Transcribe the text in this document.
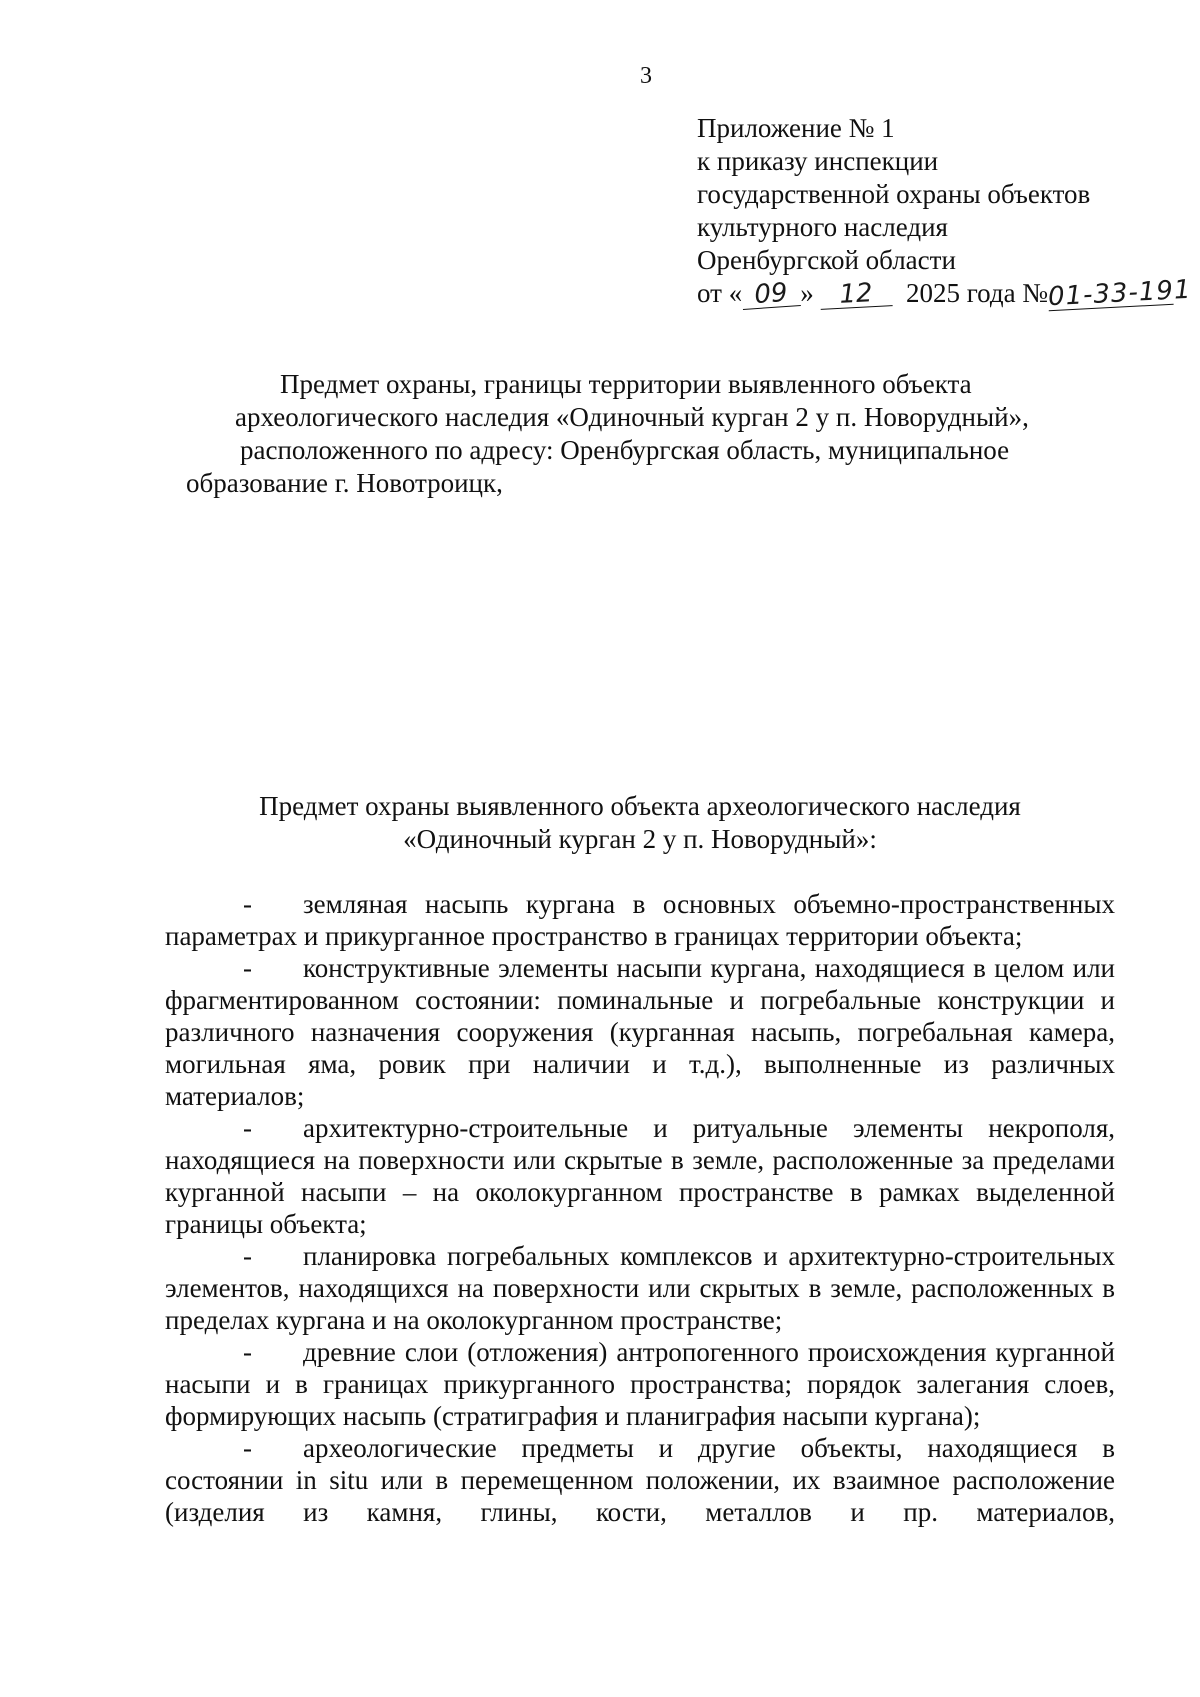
3
Приложение № 1
к приказу инспекции
государственной охраны объектов
культурного наследия
Оренбургской области
от « 09 » 12 2025 года №01-33-191
Предмет охраны, границы территории выявленного объекта
археологического наследия «Одиночный курган 2 у п. Новорудный»,
расположенного по адресу: Оренбургская область, муниципальное
образование г. Новотроицк,
Предмет охраны выявленного объекта археологического наследия
«Одиночный курган 2 у п. Новорудный»:

- земляная насыпь кургана в основных объемно-пространственных параметрах и прикурганное пространство в границах территории объекта;

- конструктивные элементы насыпи кургана, находящиеся в целом или фрагментированном состоянии: поминальные и погребальные конструкции и различного назначения сооружения (курганная насыпь, погребальная камера, могильная яма, ровик при наличии и т.д.), выполненные из различных материалов;

- архитектурно-строительные и ритуальные элементы некрополя, находящиеся на поверхности или скрытые в земле, расположенные за пределами курганной насыпи – на околокурганном пространстве в рамках выделенной границы объекта;

- планировка погребальных комплексов и архитектурно-строительных элементов, находящихся на поверхности или скрытых в земле, расположенных в пределах кургана и на околокурганном пространстве;

- древние слои (отложения) антропогенного происхождения курганной насыпи и в границах прикурганного пространства; порядок залегания слоев, формирующих насыпь (стратиграфия и планиграфия насыпи кургана);

- археологические предметы и другие объекты, находящиеся в состоянии in situ или в перемещенном положении, их взаимное расположение (изделия из камня, глины, кости, металлов и пр. материалов,
